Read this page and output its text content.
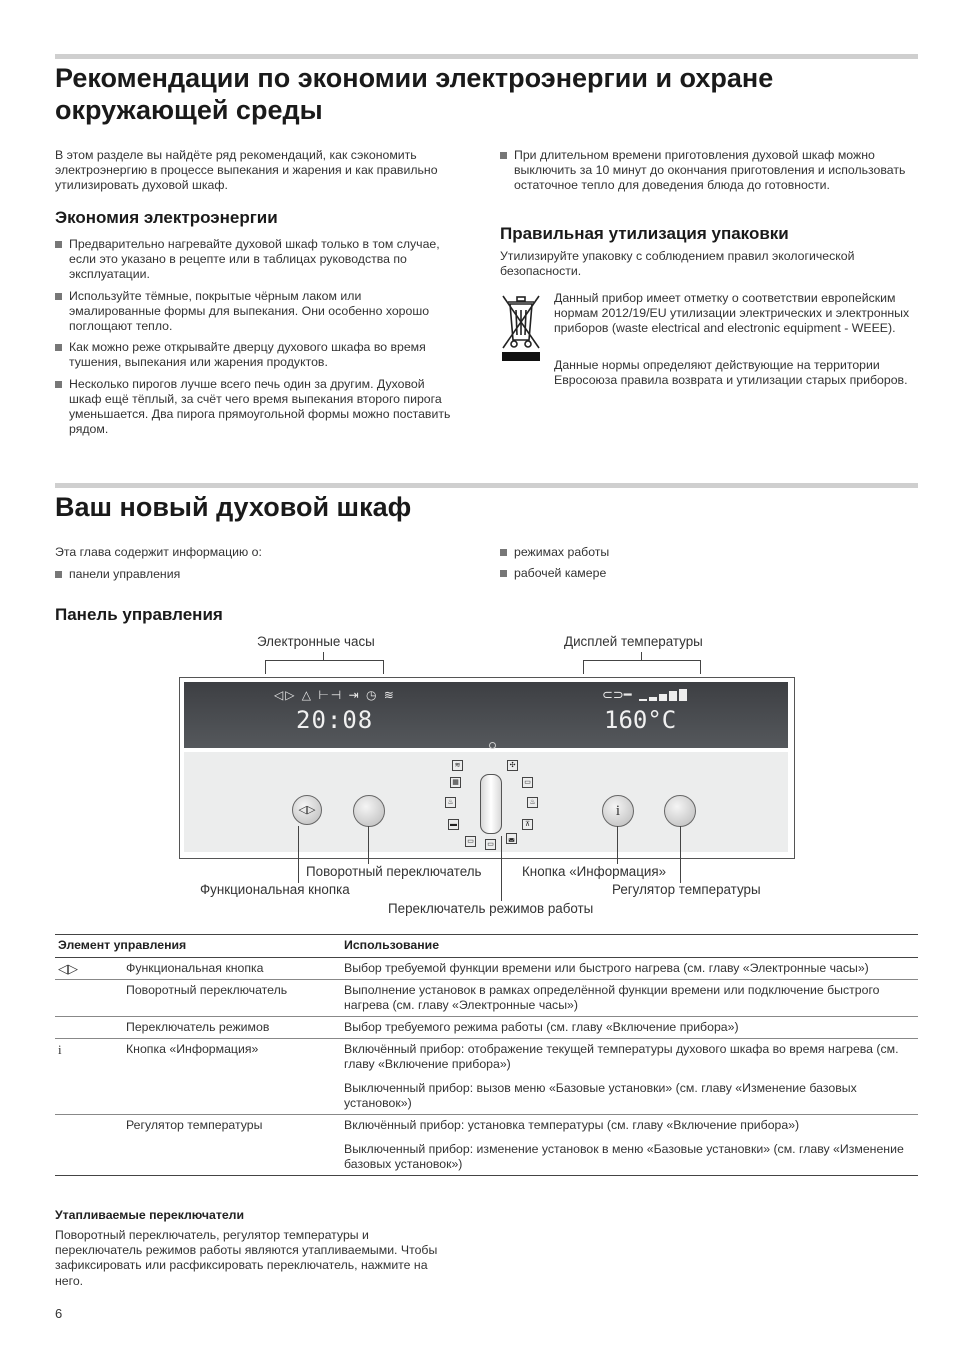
Рекомендации по экономии электроэнергии и охране
окружающей среды

В этом разделе вы найдёте ряд рекомендаций, как сэкономить электроэнергию в процессе выпекания и жарения и как правильно утилизировать духовой шкаф.

Экономия электроэнергии
Предварительно нагревайте духовой шкаф только в том случае, если это указано в рецепте или в таблицах руководства по эксплуатации.
Используйте тёмные, покрытые чёрным лаком или эмалированные формы для выпекания. Они особенно хорошо поглощают тепло.
Как можно реже открывайте дверцу духового шкафа во время тушения, выпекания или жарения продуктов.
Несколько пирогов лучше всего печь один за другим. Духовой шкаф ещё тёплый, за счёт чего время выпекания второго пирога уменьшается. Два пирога прямоугольной формы можно поставить рядом.
При длительном времени приготовления духовой шкаф можно выключить за 10 минут до окончания приготовления и использовать остаточное тепло для доведения блюда до готовности.
Правильная утилизация упаковки

Утилизируйте упаковку с соблюдением правил экологической безопасности.

Данный прибор имеет отметку о соответствии европейским нормам 2012/19/EU утилизации электрических и электронных приборов (waste electrical and electronic equipment - WEEE).

Данные нормы определяют действующие на территории Евросоюза правила возврата и утилизации старых приборов.

Ваш новый духовой шкаф

Эта глава содержит информацию о:

панели управления
режимах работы
рабочей камере
Панель управления
Электронные часы	Дисплей температуры
◁▷ △ ⊢⊣ ⇥ ◷ ≋
20:08
⊂⊃━
160°C
◁▷	i
▦
♨
▬
≋
▭	▭
◛
✣
▭
♨
⊼
Поворотный переключатель	Кнопка «Информация»
Функциональная кнопка	Регулятор температуры
Переключатель режимов работы
Элемент управления		Использование
◁▷	Функциональная кнопка	Выбор требуемой функции времени или быстрого нагрева (см. главу «Электронные часы»)
	Поворотный переключатель	Выполнение установок в рамках определённой функции времени или подключение быстрого нагрева (см. главу «Электронные часы»)
	Переключатель режимов	Выбор требуемого режима работы (см. главу «Включение прибора»)
i	Кнопка «Информация»	Включённый прибор: отображение текущей температуры духового шкафа во время нагрева (см. главу «Включение прибора»)
		Выключенный прибор: вызов меню «Базовые установки» (см. главу «Изменение базовых установок»)
	Регулятор температуры	Включённый прибор: установка температуры (см. главу «Включение прибора»)
		Выключенный прибор: изменение установок в меню «Базовые установки» (см. главу «Изменение базовых установок»)
Утапливаемые переключатели

Поворотный переключатель, регулятор температуры и переключатель режимов работы являются утапливаемыми. Чтобы зафиксировать или расфиксировать переключатель, нажмите на него.

6
